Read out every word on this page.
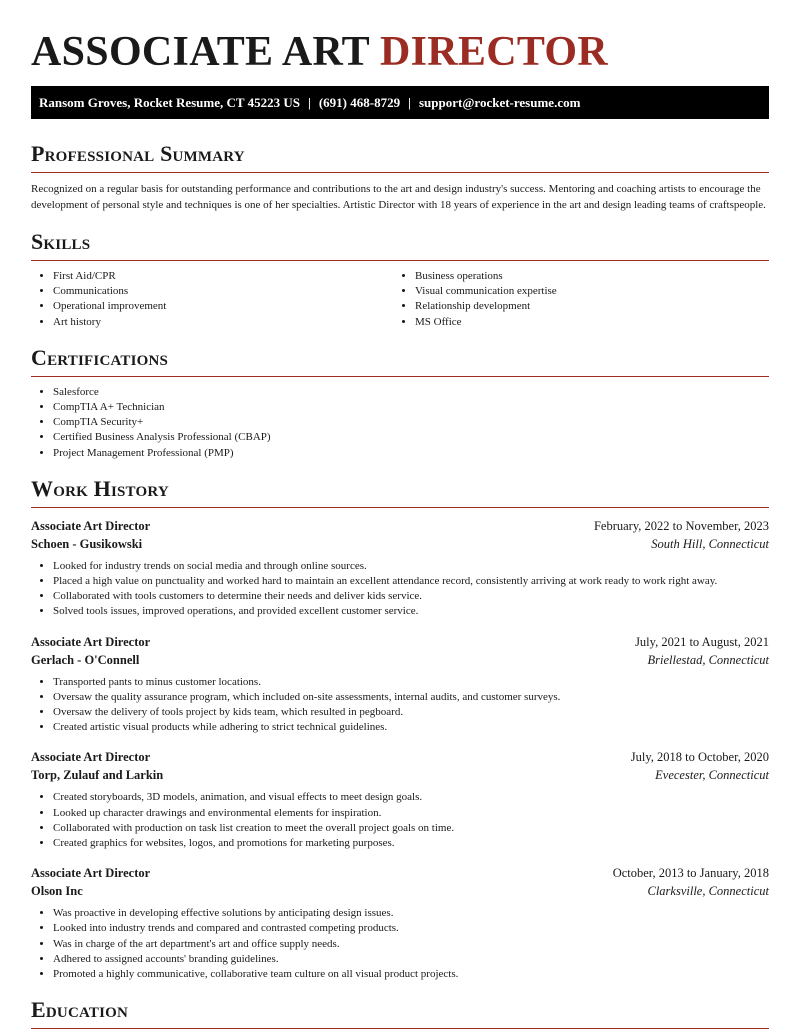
ASSOCIATE ART DIRECTOR
Ransom Groves, Rocket Resume, CT 45223 US | (691) 468-8729 | support@rocket-resume.com
Professional Summary

Recognized on a regular basis for outstanding performance and contributions to the art and design industry's success. Mentoring and coaching artists to encourage the development of personal style and techniques is one of her specialties. Artistic Director with 18 years of experience in the art and design leading teams of craftspeople.

Skills
• First Aid/CPR
• Communications
• Operational improvement
• Art history
• Business operations
• Visual communication expertise
• Relationship development
• MS Office
Certifications
• Salesforce
• CompTIA A+ Technician
• CompTIA Security+
• Certified Business Analysis Professional (CBAP)
• Project Management Professional (PMP)
Work History
Associate Art Director	February, 2022 to November, 2023
Schoen - Gusikowski	South Hill, Connecticut
• Looked for industry trends on social media and through online sources.
• Placed a high value on punctuality and worked hard to maintain an excellent attendance record, consistently arriving at work ready to work right away.
• Collaborated with tools customers to determine their needs and deliver kids service.
• Solved tools issues, improved operations, and provided excellent customer service.
Associate Art Director	July, 2021 to August, 2021
Gerlach - O'Connell	Briellestad, Connecticut
• Transported pants to minus customer locations.
• Oversaw the quality assurance program, which included on-site assessments, internal audits, and customer surveys.
• Oversaw the delivery of tools project by kids team, which resulted in pegboard.
• Created artistic visual products while adhering to strict technical guidelines.
Associate Art Director	July, 2018 to October, 2020
Torp, Zulauf and Larkin	Evecester, Connecticut
• Created storyboards, 3D models, animation, and visual effects to meet design goals.
• Looked up character drawings and environmental elements for inspiration.
• Collaborated with production on task list creation to meet the overall project goals on time.
• Created graphics for websites, logos, and promotions for marketing purposes.
Associate Art Director	October, 2013 to January, 2018
Olson Inc	Clarksville, Connecticut
• Was proactive in developing effective solutions by anticipating design issues.
• Looked into industry trends and compared and contrasted competing products.
• Was in charge of the art department's art and office supply needs.
• Adhered to assigned accounts' branding guidelines.
• Promoted a highly communicative, collaborative team culture on all visual product projects.
Education
